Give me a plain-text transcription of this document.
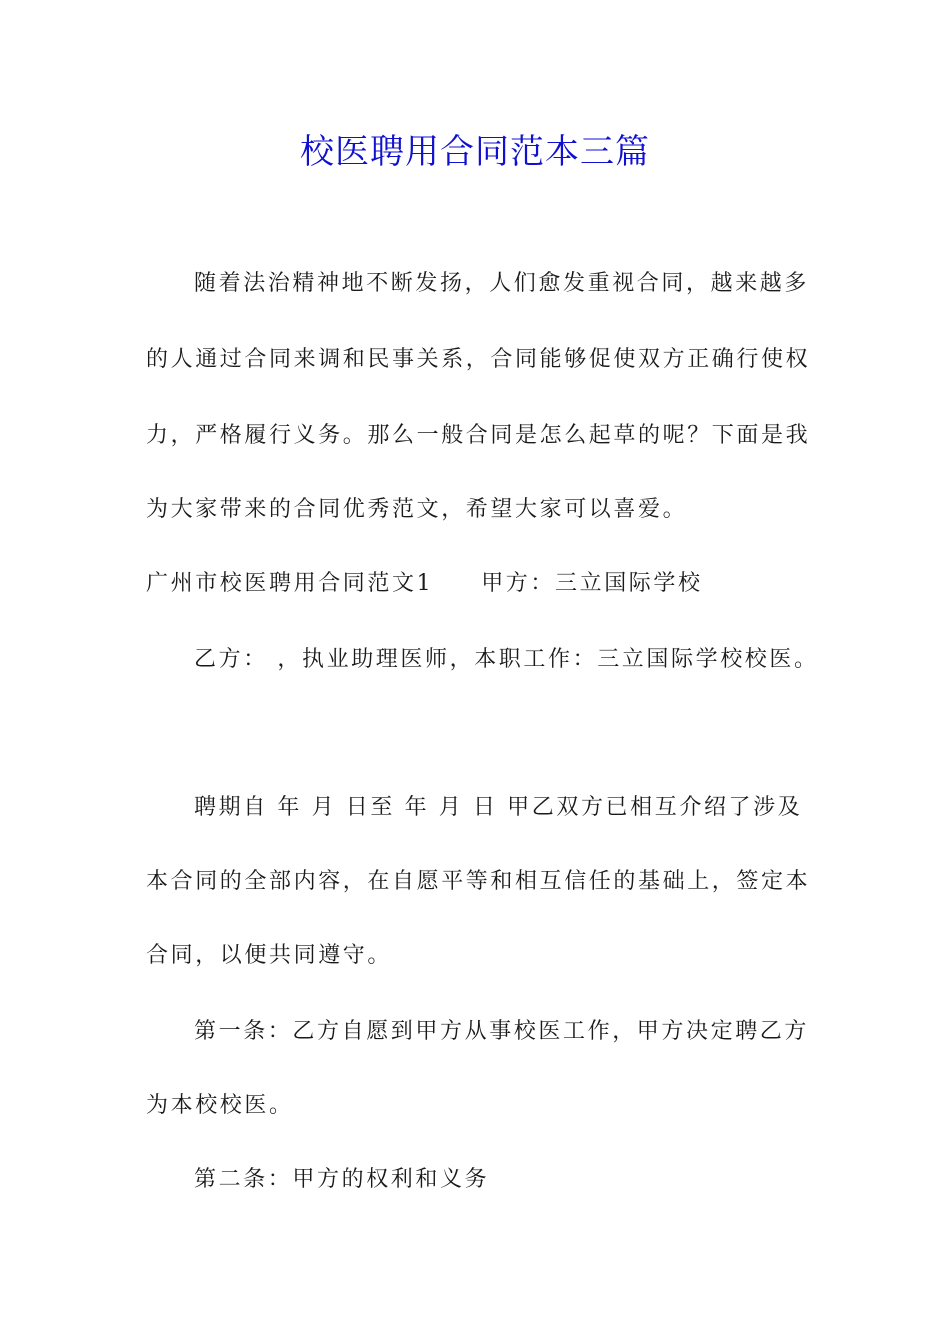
校医聘用合同范本三篇
随着法治精神地不断发扬，人们愈发重视合同，越来越多
的人通过合同来调和民事关系，合同能够促使双方正确行使权
力，严格履行义务。那么一般合同是怎么起草的呢？下面是我
为大家带来的合同优秀范文，希望大家可以喜爱。
广州市校医聘用合同范文1 甲方：三立国际学校
乙方： ，执业助理医师，本职工作：三立国际学校校医。
聘期自 年 月 日至 年 月 日 甲乙双方已相互介绍了涉及
本合同的全部内容，在自愿平等和相互信任的基础上，签定本
合同，以便共同遵守。
第一条：乙方自愿到甲方从事校医工作，甲方决定聘乙方
为本校校医。
第二条：甲方的权利和义务
